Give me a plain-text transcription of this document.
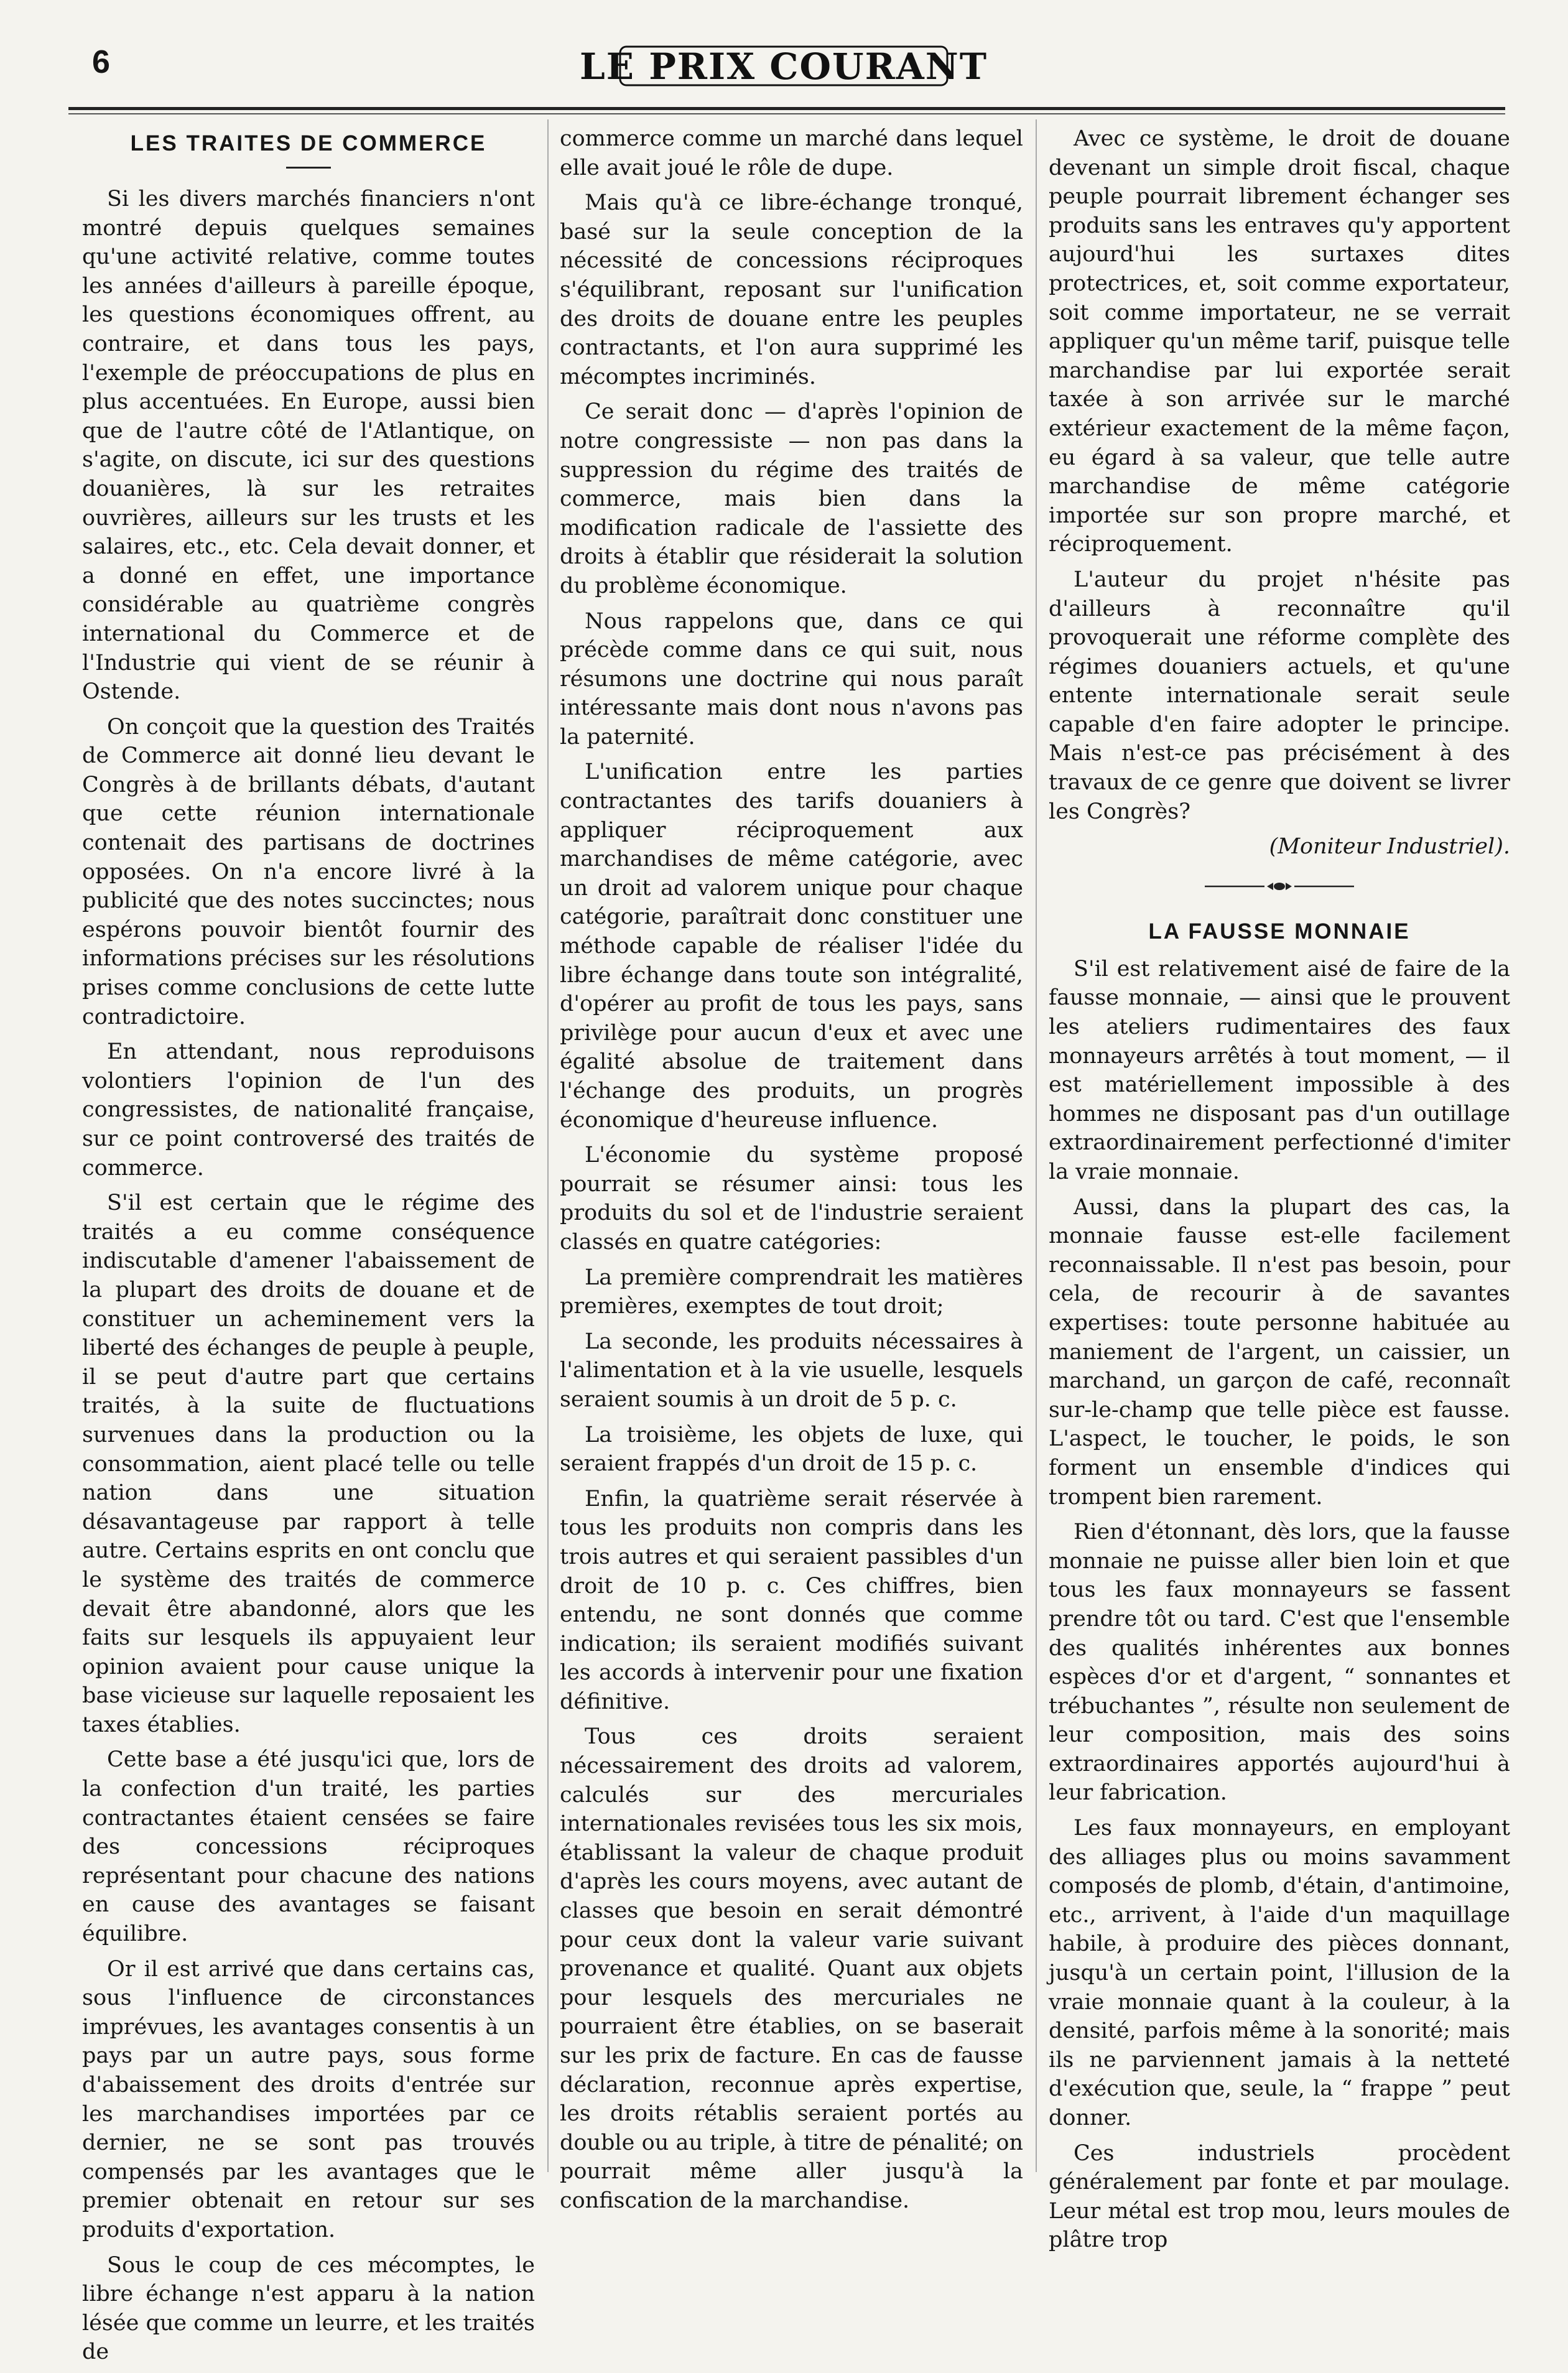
6	LE PRIX COURANT
LES TRAITES DE COMMERCE

Si les divers marchés financiers n'ont montré depuis quelques semaines qu'une activité relative, comme toutes les années d'ailleurs à pareille époque, les questions économiques offrent, au contraire, et dans tous les pays, l'exemple de préoccupations de plus en plus accentuées. En Europe, aussi bien que de l'autre côté de l'Atlantique, on s'agite, on discute, ici sur des questions douanières, là sur les retraites ouvrières, ailleurs sur les trusts et les salaires, etc., etc. Cela devait donner, et a donné en effet, une importance considérable au quatrième congrès international du Commerce et de l'Industrie qui vient de se réunir à Ostende.

On conçoit que la question des Traités de Commerce ait donné lieu devant le Congrès à de brillants débats, d'autant que cette réunion internationale contenait des partisans de doctrines opposées. On n'a encore livré à la publicité que des notes succinctes; nous espérons pouvoir bientôt fournir des informations précises sur les résolutions prises comme conclusions de cette lutte contradictoire.

En attendant, nous reproduisons volontiers l'opinion de l'un des congressistes, de nationalité française, sur ce point controversé des traités de commerce.

S'il est certain que le régime des traités a eu comme conséquence indiscutable d'amener l'abaissement de la plupart des droits de douane et de constituer un acheminement vers la liberté des échanges de peuple à peuple, il se peut d'autre part que certains traités, à la suite de fluctuations survenues dans la production ou la consommation, aient placé telle ou telle nation dans une situation désavantageuse par rapport à telle autre. Certains esprits en ont conclu que le système des traités de commerce devait être abandonné, alors que les faits sur lesquels ils appuyaient leur opinion avaient pour cause unique la base vicieuse sur laquelle reposaient les taxes établies.

Cette base a été jusqu'ici que, lors de la confection d'un traité, les parties contractantes étaient censées se faire des concessions réciproques représentant pour chacune des nations en cause des avantages se faisant équilibre.

Or il est arrivé que dans certains cas, sous l'influence de circonstances imprévues, les avantages consentis à un pays par un autre pays, sous forme d'abaissement des droits d'entrée sur les marchandises importées par ce dernier, ne se sont pas trouvés compensés par les avantages que le premier obtenait en retour sur ses produits d'exportation.

Sous le coup de ces mécomptes, le libre échange n'est apparu à la nation lésée que comme un leurre, et les traités de

commerce comme un marché dans lequel elle avait joué le rôle de dupe.

Mais qu'à ce libre-échange tronqué, basé sur la seule conception de la nécessité de concessions réciproques s'équilibrant, reposant sur l'unification des droits de douane entre les peuples contractants, et l'on aura supprimé les mécomptes incriminés.

Ce serait donc — d'après l'opinion de notre congressiste — non pas dans la suppression du régime des traités de commerce, mais bien dans la modification radicale de l'assiette des droits à établir que résiderait la solution du problème économique.

Nous rappelons que, dans ce qui précède comme dans ce qui suit, nous résumons une doctrine qui nous paraît intéressante mais dont nous n'avons pas la paternité.

L'unification entre les parties contractantes des tarifs douaniers à appliquer réciproquement aux marchandises de même catégorie, avec un droit ad valorem unique pour chaque catégorie, paraîtrait donc constituer une méthode capable de réaliser l'idée du libre échange dans toute son intégralité, d'opérer au profit de tous les pays, sans privilège pour aucun d'eux et avec une égalité absolue de traitement dans l'échange des produits, un progrès économique d'heureuse influence.

L'économie du système proposé pourrait se résumer ainsi: tous les produits du sol et de l'industrie seraient classés en quatre catégories:

La première comprendrait les matières premières, exemptes de tout droit;

La seconde, les produits nécessaires à l'alimentation et à la vie usuelle, lesquels seraient soumis à un droit de 5 p. c.

La troisième, les objets de luxe, qui seraient frappés d'un droit de 15 p. c.

Enfin, la quatrième serait réservée à tous les produits non compris dans les trois autres et qui seraient passibles d'un droit de 10 p. c. Ces chiffres, bien entendu, ne sont donnés que comme indication; ils seraient modifiés suivant les accords à intervenir pour une fixation définitive.

Tous ces droits seraient nécessairement des droits ad valorem, calculés sur des mercuriales internationales revisées tous les six mois, établissant la valeur de chaque produit d'après les cours moyens, avec autant de classes que besoin en serait démontré pour ceux dont la valeur varie suivant provenance et qualité. Quant aux objets pour lesquels des mercuriales ne pourraient être établies, on se baserait sur les prix de facture. En cas de fausse déclaration, reconnue après expertise, les droits rétablis seraient portés au double ou au triple, à titre de pénalité; on pourrait même aller jusqu'à la confiscation de la marchandise.

Avec ce système, le droit de douane devenant un simple droit fiscal, chaque peuple pourrait librement échanger ses produits sans les entraves qu'y apportent aujourd'hui les surtaxes dites protectrices, et, soit comme exportateur, soit comme importateur, ne se verrait appliquer qu'un même tarif, puisque telle marchandise par lui exportée serait taxée à son arrivée sur le marché extérieur exactement de la même façon, eu égard à sa valeur, que telle autre marchandise de même catégorie importée sur son propre marché, et réciproquement.

L'auteur du projet n'hésite pas d'ailleurs à reconnaître qu'il provoquerait une réforme complète des régimes douaniers actuels, et qu'une entente internationale serait seule capable d'en faire adopter le principe. Mais n'est-ce pas précisément à des travaux de ce genre que doivent se livrer les Congrès?

(Moniteur Industriel).

LA FAUSSE MONNAIE

S'il est relativement aisé de faire de la fausse monnaie, — ainsi que le prouvent les ateliers rudimentaires des faux monnayeurs arrêtés à tout moment, — il est matériellement impossible à des hommes ne disposant pas d'un outillage extraordinairement perfectionné d'imiter la vraie monnaie.

Aussi, dans la plupart des cas, la monnaie fausse est-elle facilement reconnaissable. Il n'est pas besoin, pour cela, de recourir à de savantes expertises: toute personne habituée au maniement de l'argent, un caissier, un marchand, un garçon de café, reconnaît sur-le-champ que telle pièce est fausse. L'aspect, le toucher, le poids, le son forment un ensemble d'indices qui trompent bien rarement.

Rien d'étonnant, dès lors, que la fausse monnaie ne puisse aller bien loin et que tous les faux monnayeurs se fassent prendre tôt ou tard. C'est que l'ensemble des qualités inhérentes aux bonnes espèces d'or et d'argent, “ sonnantes et trébuchantes ”, résulte non seulement de leur composition, mais des soins extraordinaires apportés aujourd'hui à leur fabrication.

Les faux monnayeurs, en employant des alliages plus ou moins savamment composés de plomb, d'étain, d'antimoine, etc., arrivent, à l'aide d'un maquillage habile, à produire des pièces donnant, jusqu'à un certain point, l'illusion de la vraie monnaie quant à la couleur, à la densité, parfois même à la sonorité; mais ils ne parviennent jamais à la netteté d'exécution que, seule, la “ frappe ” peut donner.

Ces industriels procèdent généralement par fonte et par moulage. Leur métal est trop mou, leurs moules de plâtre trop
